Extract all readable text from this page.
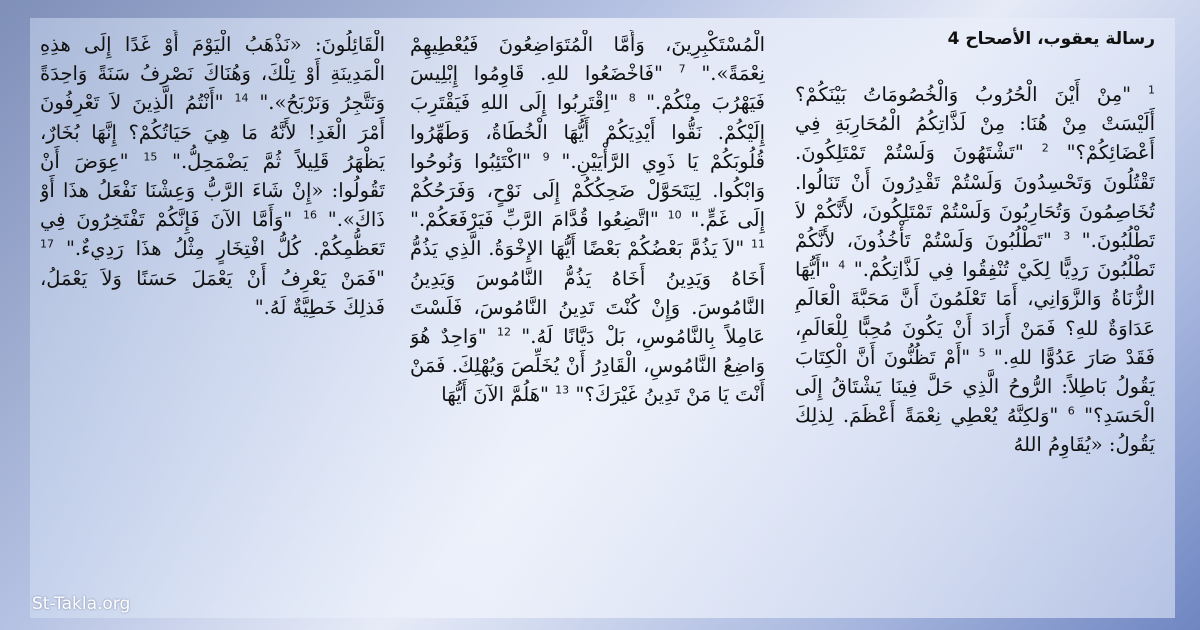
رسالة يعقوب، الأصحاح 4
$^1$ "مِنْ أَيْنَ الْحُرُوبُ وَالْخُصُومَاتُ بَيْنَكُمْ؟ أَلَيْسَتْ مِنْ هُنَا: مِنْ لَذَّاتِكُمُ الْمُحَارِبَةِ فِي أَعْضَائِكُمْ؟" $^2$ "تَشْتَهُونَ وَلَسْتُمْ تَمْتَلِكُونَ. تَقْتُلُونَ وَتَحْسِدُونَ وَلَسْتُمْ تَقْدِرُونَ أَنْ تَنَالُوا. تُخَاصِمُونَ وَتُحَارِبُونَ وَلَسْتُمْ تَمْتَلِكُونَ، لأَنَّكُمْ لاَ تَطْلُبُونَ." $^3$ "تَطْلُبُونَ وَلَسْتُمْ تَأْخُذُونَ، لأَنَّكُمْ تَطْلُبُونَ رَدِيًّا لِكَيْ تُنْفِقُوا فِي لَذَّاتِكُمْ." $^4$ "أَيُّهَا الزُّنَاةُ وَالزَّوَانِي، أَمَا تَعْلَمُونَ أَنَّ مَحَبَّةَ الْعَالَمِ عَدَاوَةٌ للهِ؟ فَمَنْ أَرَادَ أَنْ يَكُونَ مُحِبًّا لِلْعَالَمِ، فَقَدْ صَارَ عَدُوًّا للهِ." $^5$ "أَمْ تَظُنُّونَ أَنَّ الْكِتَابَ يَقُولُ بَاطِلاً: الرُّوحُ الَّذِي حَلَّ فِينَا يَشْتَاقُ إِلَى الْحَسَدِ؟" $^6$ "وَلكِنَّهُ يُعْطِي نِعْمَةً أَعْظَمَ. لِذلِكَ يَقُولُ: «يُقَاوِمُ اللهُ
الْمُسْتَكْبِرِينَ، وَأَمَّا الْمُتَوَاضِعُونَ فَيُعْطِيهِمْ نِعْمَةً»." $^7$ "فَاخْضَعُوا للهِ. قَاوِمُوا إِبْلِيسَ فَيَهْرُبَ مِنْكُمْ." $^8$ "اِقْتَرِبُوا إِلَى اللهِ فَيَقْتَرِبَ إِلَيْكُمْ. نَقُّوا أَيْدِيَكُمْ أَيُّهَا الْخُطَاةُ، وَطَهِّرُوا قُلُوبَكُمْ يَا ذَوِي الرَّأْيَيْنِ." $^9$ "اكْتَئِبُوا وَنُوحُوا وَابْكُوا. لِيَتَحَوَّلْ ضَحِكُكُمْ إِلَى نَوْحٍ، وَفَرَحُكُمْ إِلَى غَمٍّ." $^{10}$ "اتَّضِعُوا قُدَّامَ الرَّبِّ فَيَرْفَعَكُمْ." $^{11}$ "لاَ يَذُمَّ بَعْضُكُمْ بَعْضًا أَيُّهَا الإِخْوَةُ. الَّذِي يَذُمُّ أَخَاهُ وَيَدِينُ أَخَاهُ يَذُمُّ النَّامُوسَ وَيَدِينُ النَّامُوسَ. وَإِنْ كُنْتَ تَدِينُ النَّامُوسَ، فَلَسْتَ عَامِلاً بِالنَّامُوسِ، بَلْ دَيَّانًا لَهُ." $^{12}$ "وَاحِدٌ هُوَ وَاضِعُ النَّامُوسِ، الْقَادِرُ أَنْ يُخَلِّصَ وَيُهْلِكَ. فَمَنْ أَنْتَ يَا مَنْ تَدِينُ غَيْرَكَ؟" $^{13}$ "هَلُمَّ الآنَ أَيُّهَا
الْقَائِلُونَ: «نَذْهَبُ الْيَوْمَ أَوْ غَدًا إِلَى هذِهِ الْمَدِينَةِ أَوْ تِلْكَ، وَهُنَاكَ نَصْرِفُ سَنَةً وَاحِدَةً وَنَتَّجِرُ وَنَرْبَحُ»." $^{14}$ "أَنْتُمُ الَّذِينَ لاَ تَعْرِفُونَ أَمْرَ الْغَدِ! لأَنَّهُ مَا هِيَ حَيَاتُكُمْ؟ إِنَّهَا بُخَارٌ، يَظْهَرُ قَلِيلاً ثُمَّ يَضْمَحِلُّ." $^{15}$ "عِوَضَ أَنْ تَقُولُوا: «إِنْ شَاءَ الرَّبُّ وَعِشْنَا نَفْعَلُ هذَا أَوْ ذَاكَ»." $^{16}$ "وَأَمَّا الآنَ فَإِنَّكُمْ تَفْتَخِرُونَ فِي تَعَظُّمِكُمْ. كُلُّ افْتِخَارٍ مِثْلُ هذَا رَدِيءٌ." $^{17}$ "فَمَنْ يَعْرِفُ أَنْ يَعْمَلَ حَسَنًا وَلاَ يَعْمَلُ، فَذلِكَ خَطِيَّةٌ لَهُ."
St-Takla.org
